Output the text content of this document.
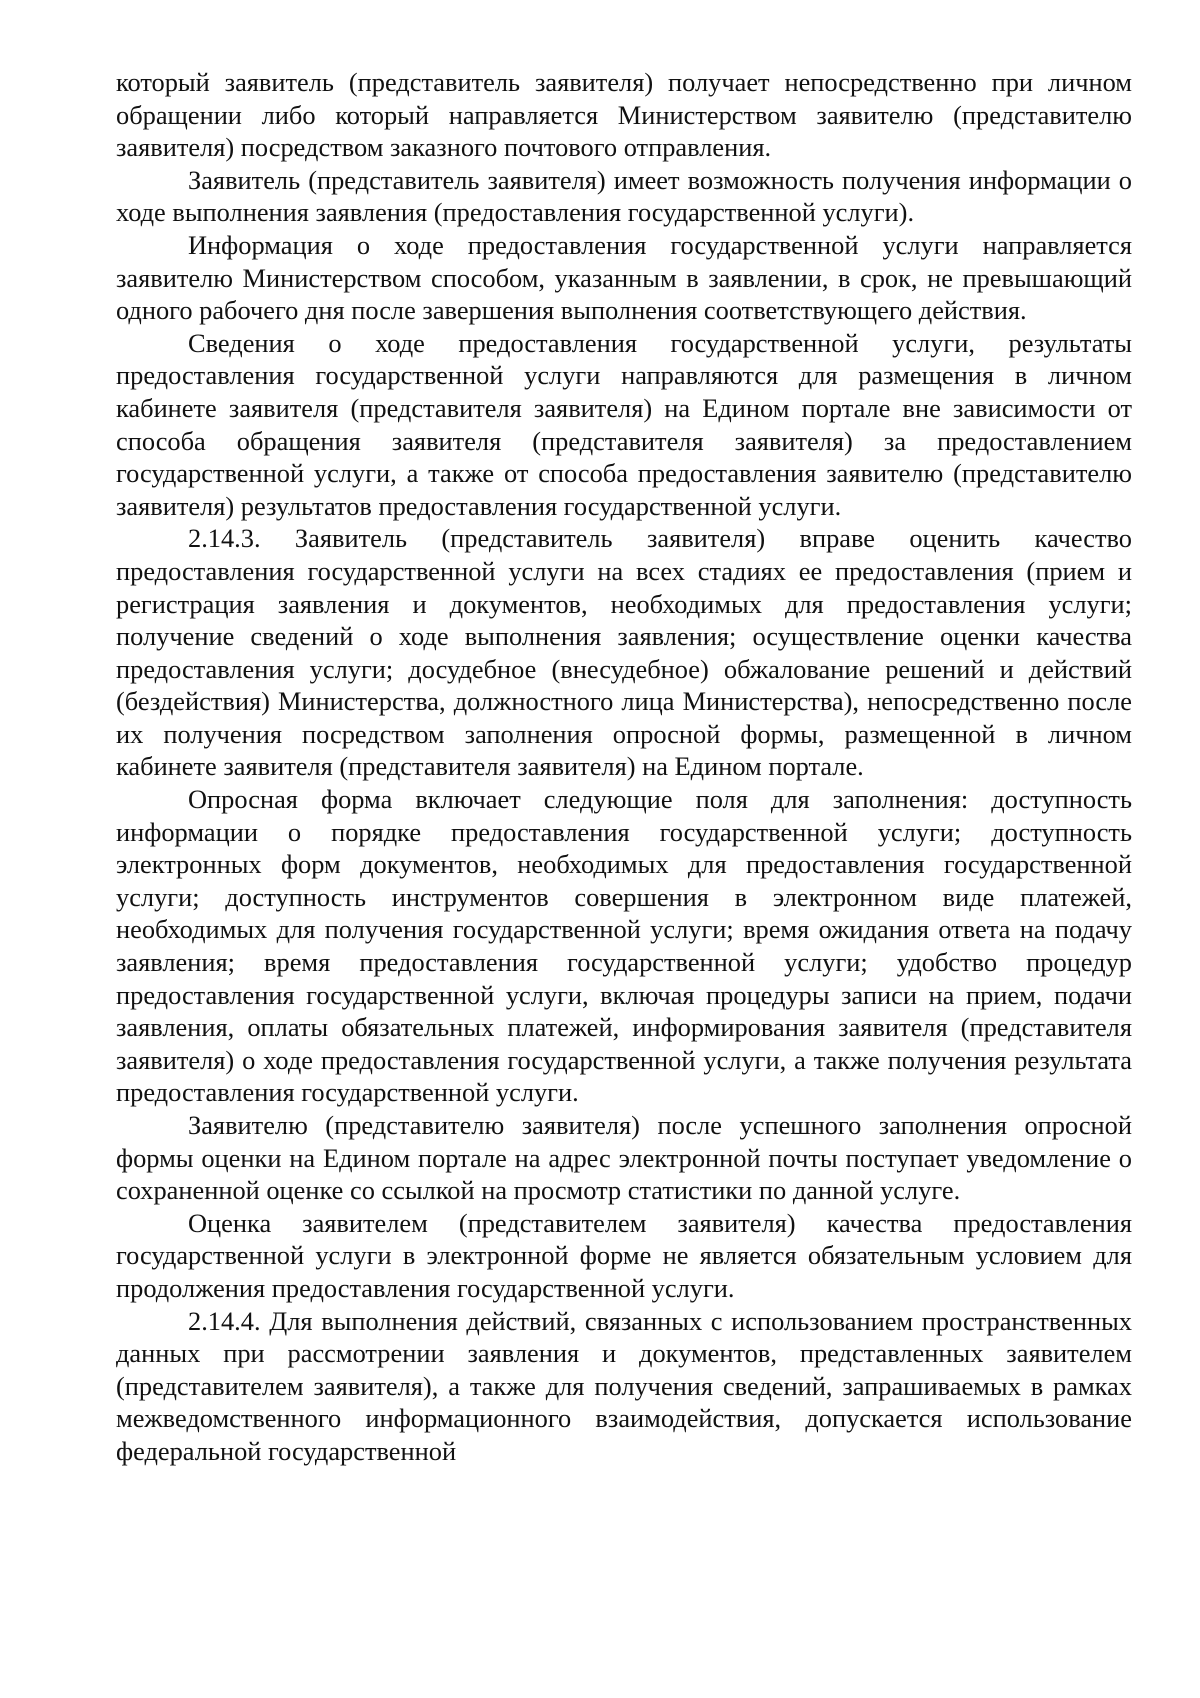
который заявитель (представитель заявителя) получает непосредственно при личном обращении либо который направляется Министерством заявителю (представителю заявителя) посредством заказного почтового отправления.

Заявитель (представитель заявителя) имеет возможность получения информации о ходе выполнения заявления (предоставления государственной услуги).

Информация о ходе предоставления государственной услуги направляется заявителю Министерством способом, указанным в заявлении, в срок, не превышающий одного рабочего дня после завершения выполнения соответствующего действия.

Сведения о ходе предоставления государственной услуги, результаты предоставления государственной услуги направляются для размещения в личном кабинете заявителя (представителя заявителя) на Едином портале вне зависимости от способа обращения заявителя (представителя заявителя) за предоставлением государственной услуги, а также от способа предоставления заявителю (представителю заявителя) результатов предоставления государственной услуги.

2.14.3. Заявитель (представитель заявителя) вправе оценить качество предоставления государственной услуги на всех стадиях ее предоставления (прием и регистрация заявления и документов, необходимых для предоставления услуги; получение сведений о ходе выполнения заявления; осуществление оценки качества предоставления услуги; досудебное (внесудебное) обжалование решений и действий (бездействия) Министерства, должностного лица Министерства), непосредственно после их получения посредством заполнения опросной формы, размещенной в личном кабинете заявителя (представителя заявителя) на Едином портале.

Опросная форма включает следующие поля для заполнения: доступность информации о порядке предоставления государственной услуги; доступность электронных форм документов, необходимых для предоставления государственной услуги; доступность инструментов совершения в электронном виде платежей, необходимых для получения государственной услуги; время ожидания ответа на подачу заявления; время предоставления государственной услуги; удобство процедур предоставления государственной услуги, включая процедуры записи на прием, подачи заявления, оплаты обязательных платежей, информирования заявителя (представителя заявителя) о ходе предоставления государственной услуги, а также получения результата предоставления государственной услуги.

Заявителю (представителю заявителя) после успешного заполнения опросной формы оценки на Едином портале на адрес электронной почты поступает уведомление о сохраненной оценке со ссылкой на просмотр статистики по данной услуге.

Оценка заявителем (представителем заявителя) качества предоставления государственной услуги в электронной форме не является обязательным условием для продолжения предоставления государственной услуги.

2.14.4. Для выполнения действий, связанных с использованием пространственных данных при рассмотрении заявления и документов, представленных заявителем (представителем заявителя), а также для получения сведений, запрашиваемых в рамках межведомственного информационного взаимодействия, допускается использование федеральной государственной
